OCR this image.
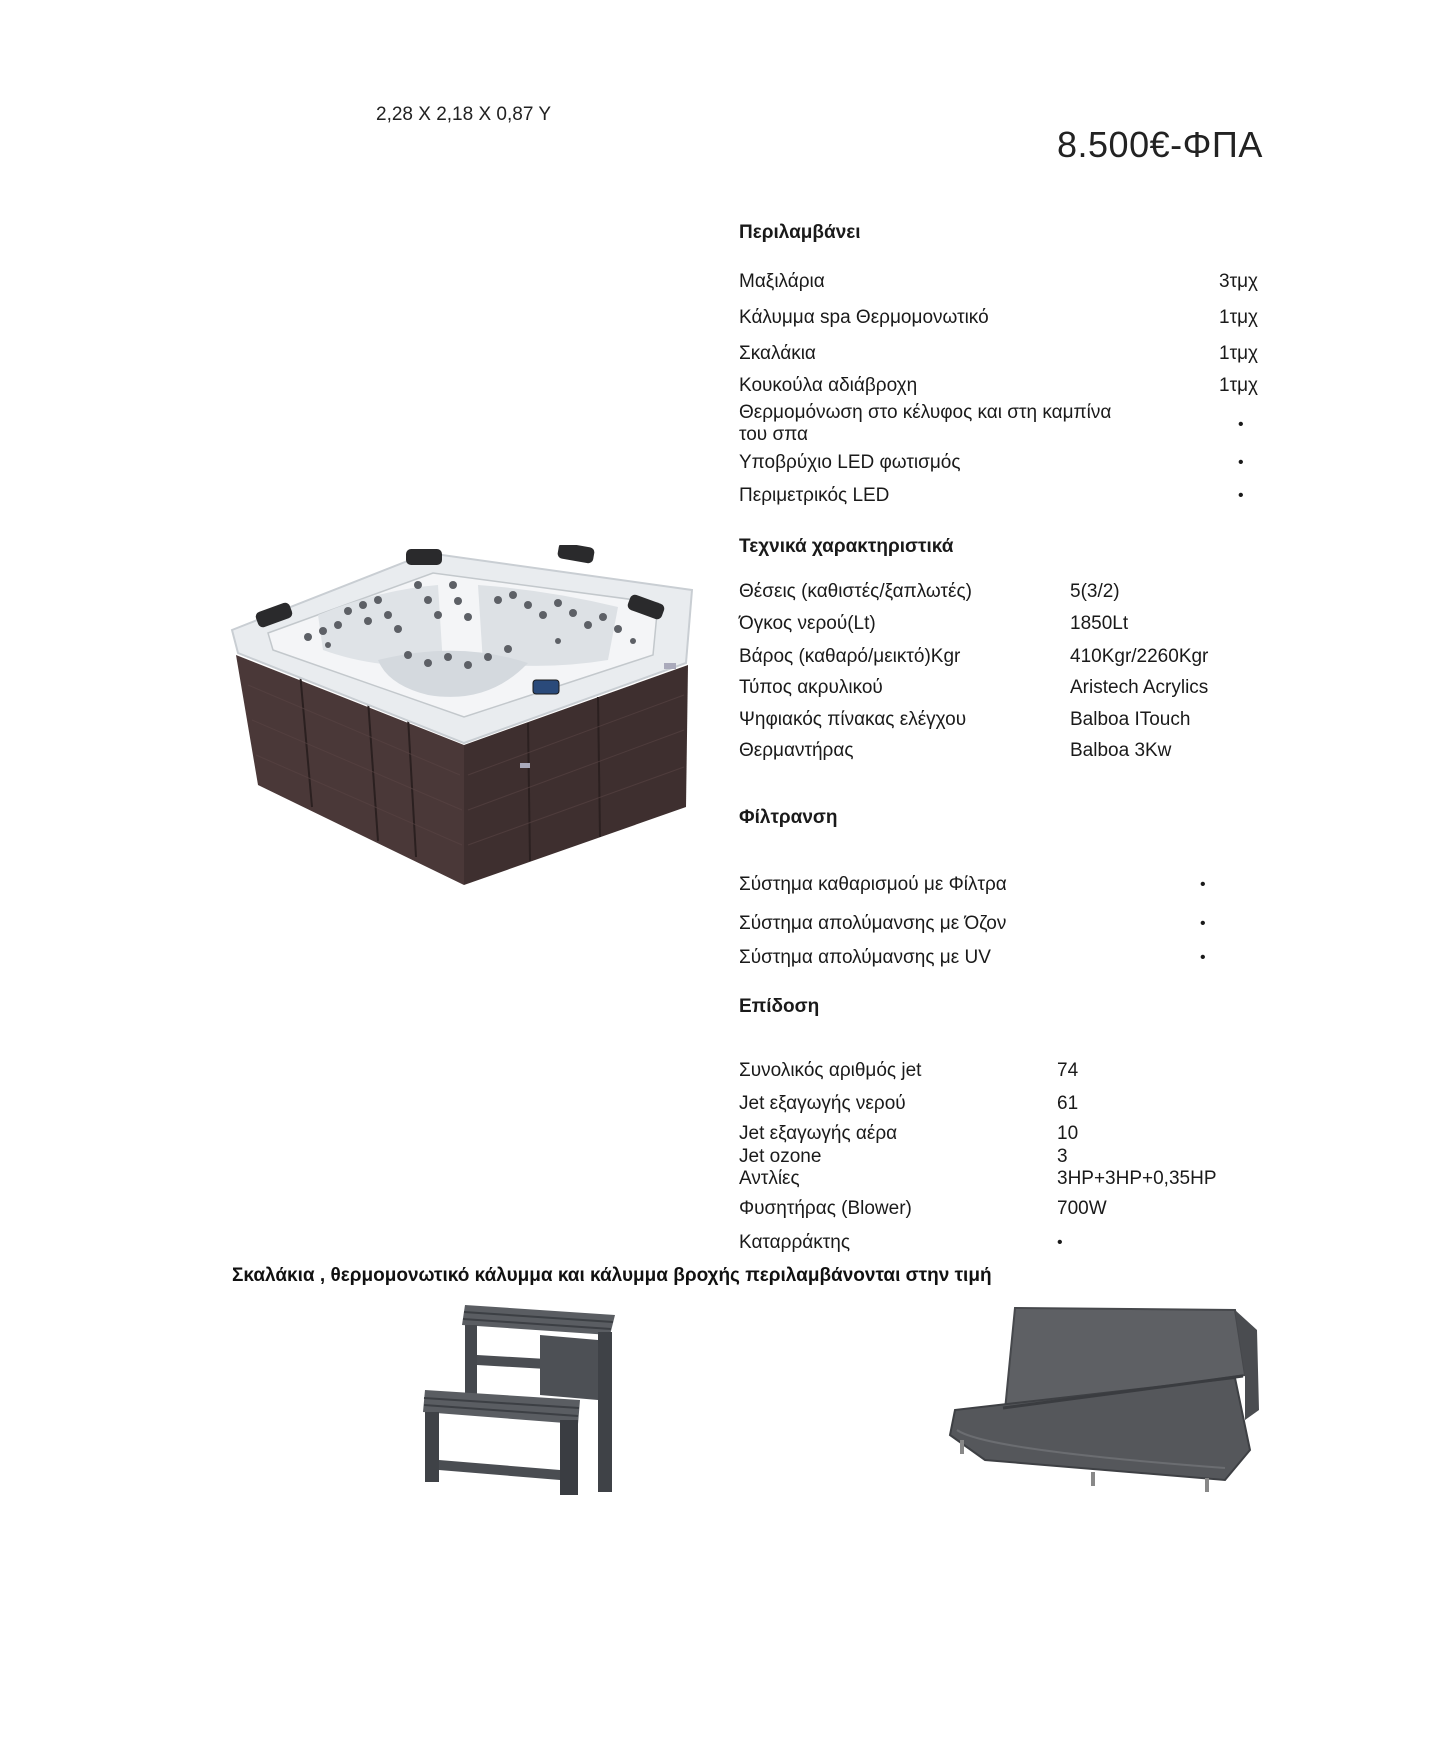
2,28 X 2,18 X 0,87 Y
8.500€-ΦΠΑ
Περιλαμβάνει
Μαξιλάρια	3τμχ
Κάλυμμα spa Θερμομονωτικό	1τμχ
Σκαλάκια	1τμχ
Κουκούλα αδιάβροχη	1τμχ
Θερμομόνωση στο κέλυφος και στη καμπίνα
του σπα	•
Υποβρύχιο LED φωτισμός	•
Περιμετρικός LED	•
Τεχνικά χαρακτηριστικά
Θέσεις (καθιστές/ξαπλωτές)	5(3/2)
Όγκος νερού(Lt)	1850Lt
Βάρος (καθαρό/μεικτό)Kgr	410Kgr/2260Kgr
Τύπος ακρυλικού	Aristech Acrylics
Ψηφιακός πίνακας ελέγχου	Balboa ITouch
Θερμαντήρας	Balboa 3Kw
Φίλτρανση
Σύστημα καθαρισμού με Φίλτρα	•
Σύστημα απολύμανσης με Όζον	•
Σύστημα απολύμανσης με UV	•
Επίδοση
Συνολικός αριθμός jet	74
Jet εξαγωγής νερού	61
Jet εξαγωγής αέρα	10
Jet ozone	3
Αντλίες	3HP+3HP+0,35HP
Φυσητήρας (Blower)	700W
Καταρράκτης	•
Σκαλάκια , θερμομονωτικό κάλυμμα και κάλυμμα βροχής περιλαμβάνονται στην τιμή
